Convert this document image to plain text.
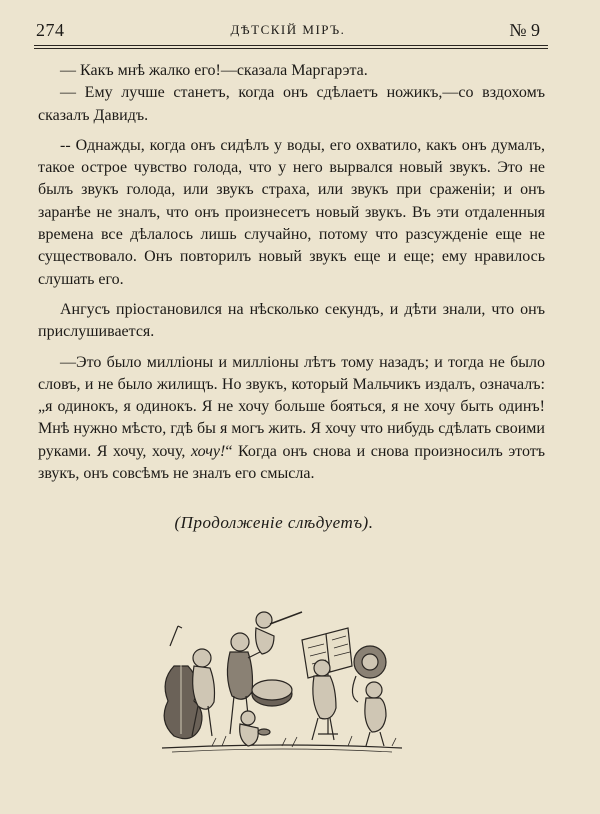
274	ДѢТСКІЙ МІРЪ.	№ 9

— Какъ мнѣ жалко его!—сказала Маргарэта.

— Ему лучше станетъ, когда онъ сдѣлаетъ ножикъ,—со вздохомъ сказалъ Давидъ.

-- Однажды, когда онъ сидѣлъ у воды, его охватило, какъ онъ думалъ, такое острое чувство голода, что у него вырвался новый звукъ. Это не былъ звукъ голода, или звукъ страха, или звукъ при сраженіи; и онъ заранѣе не зналъ, что онъ произнесетъ новый звукъ. Въ эти отдаленныя времена все дѣлалось лишь случайно, потому что разсужденіе еще не существовало. Онъ повторилъ новый звукъ еще и еще; ему нравилось слушать его.

Ангусъ пріостановился на нѣсколько секундъ, и дѣти знали, что онъ прислушивается.

—Это было милліоны и милліоны лѣтъ тому назадъ; и тогда не было словъ, и не было жилищъ. Но звукъ, который Мальчикъ издалъ, означалъ: „я одинокъ, я одинокъ. Я не хочу больше бояться, я не хочу быть одинъ! Мнѣ нужно мѣсто, гдѣ бы я могъ жить. Я хочу что нибудь сдѣлать своими руками. Я хочу, хочу, хочу!“ Когда онъ снова и снова произносилъ этотъ звукъ, онъ совсѣмъ не зналъ его смысла.

(Продолженіе слѣдуетъ).
